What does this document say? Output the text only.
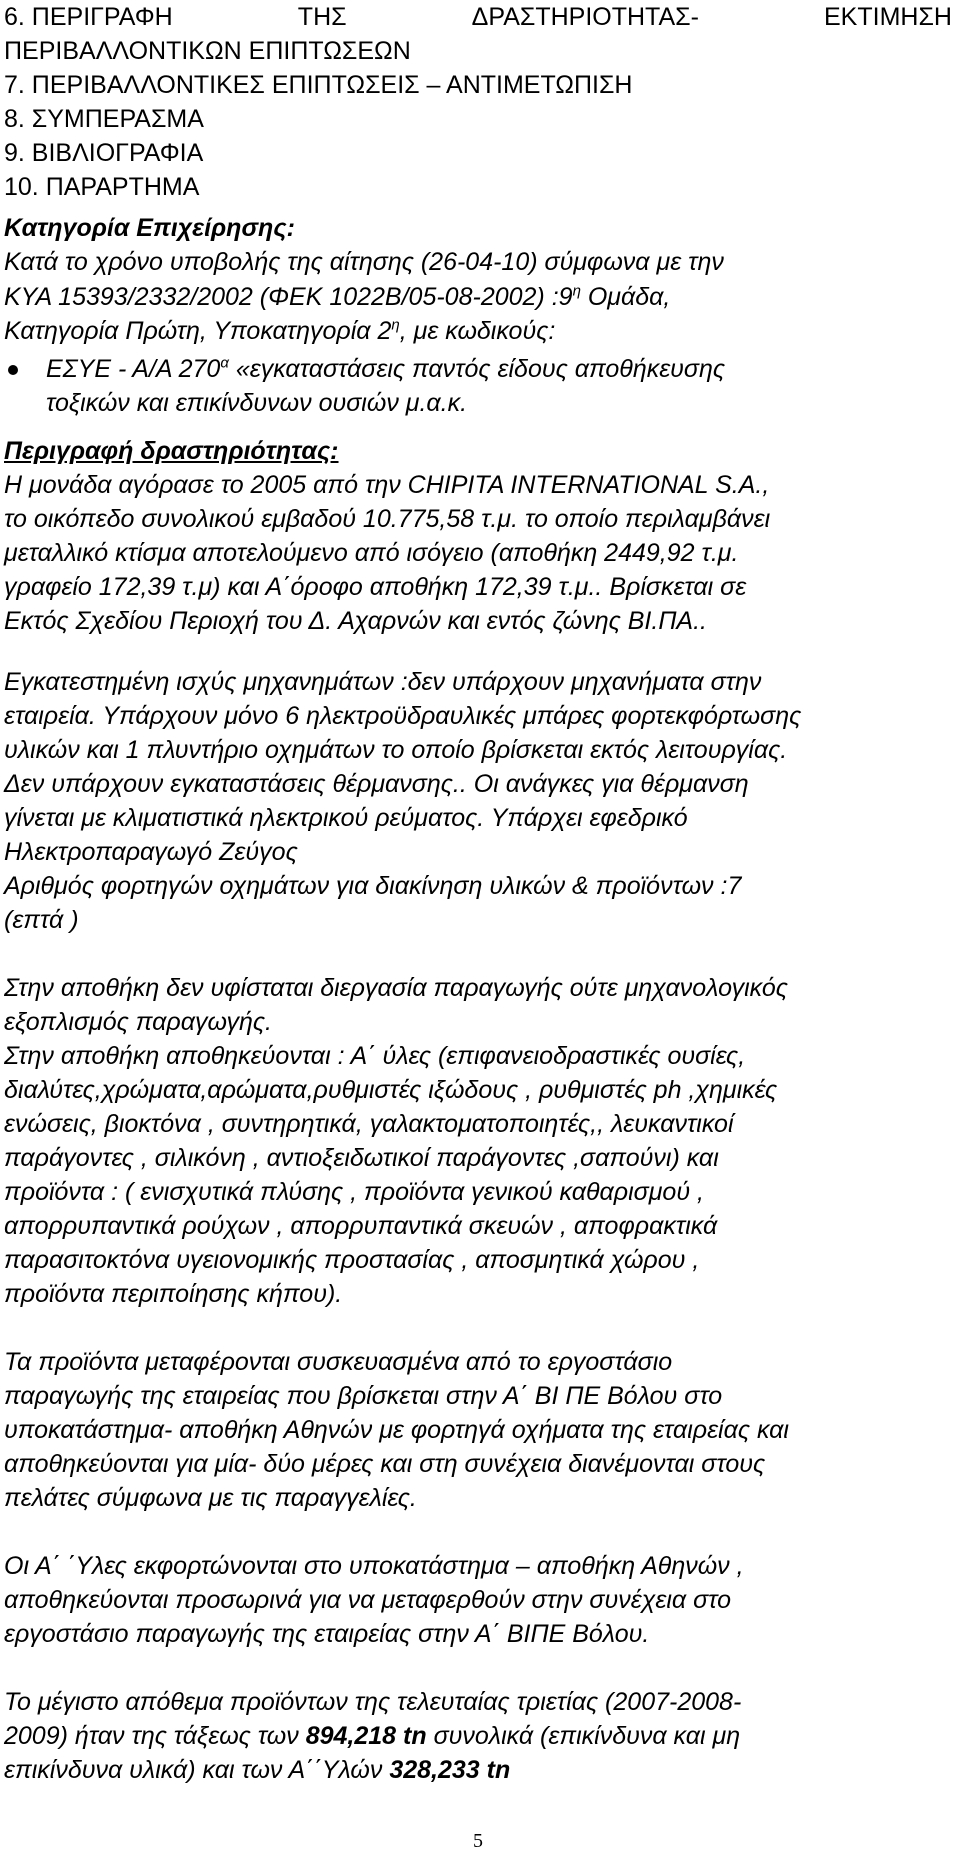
6. ΠΕΡΙΓΡΑΦΗ	ΤΗΣ	ΔΡΑΣΤΗΡΙΟΤΗΤΑΣ-	ΕΚΤΙΜΗΣΗ
ΠΕΡΙΒΑΛΛΟΝΤΙΚΩΝ ΕΠΙΠΤΩΣΕΩΝ
7. ΠΕΡΙΒΑΛΛΟΝΤΙΚΕΣ ΕΠΙΠΤΩΣΕΙΣ – ΑΝΤΙΜΕΤΩΠΙΣΗ
8. ΣΥΜΠΕΡΑΣΜΑ
9. ΒΙΒΛΙΟΓΡΑΦΙΑ
10. ΠΑΡΑΡΤΗΜΑ
Κατηγορία Επιχείρησης:
Κατά το χρόνο υποβολής της αίτησης (26-04-10) σύμφωνα με την
ΚΥΑ 15393/2332/2002 (ΦΕΚ 1022Β/05-08-2002) $:9^\eta$ Ομάδα,
Κατηγορία Πρώτη, Υποκατηγορία $2^\eta$, με κωδικούς:
ΕΣΥΕ - Α/Α $270^\alpha$ «εγκαταστάσεις παντός είδους αποθήκευσης
τοξικών και επικίνδυνων ουσιών μ.α.κ.
Περιγραφή δραστηριότητας:
Η μονάδα αγόρασε το 2005 από την CHIPITA INTERNATIONAL S.A.,
το οικόπεδο συνολικού εμβαδού 10.775,58 τ.μ. το οποίο περιλαμβάνει
μεταλλικό κτίσμα αποτελούμενο από ισόγειο (αποθήκη 2449,92 τ.μ.
γραφείο 172,39 τ.μ) και Α΄όροφο αποθήκη 172,39 τ.μ.. Βρίσκεται σε
Εκτός Σχεδίου Περιοχή του Δ. Αχαρνών και εντός ζώνης ΒΙ.ΠΑ..
Εγκατεστημένη ισχύς μηχανημάτων :δεν υπάρχουν μηχανήματα στην
εταιρεία. Υπάρχουν μόνο 6 ηλεκτροϋδραυλικές μπάρες φορτεκφόρτωσης
υλικών και 1 πλυντήριο οχημάτων το οποίο βρίσκεται εκτός λειτουργίας.
Δεν υπάρχουν εγκαταστάσεις θέρμανσης.. Οι ανάγκες για θέρμανση
γίνεται με κλιματιστικά ηλεκτρικού ρεύματος. Υπάρχει εφεδρικό
Ηλεκτροπαραγωγό Ζεύγος
Αριθμός φορτηγών οχημάτων για διακίνηση υλικών & προϊόντων :7
(επτά )
Στην αποθήκη δεν υφίσταται διεργασία παραγωγής ούτε μηχανολογικός
εξοπλισμός παραγωγής.
Στην αποθήκη αποθηκεύονται : Α΄ ύλες (επιφανειοδραστικές ουσίες,
διαλύτες,χρώματα,αρώματα,ρυθμιστές ιξώδους , ρυθμιστές ph ,χημικές
ενώσεις, βιοκτόνα , συντηρητικά, γαλακτοματοποιητές,, λευκαντικοί
παράγοντες , σιλικόνη , αντιοξειδωτικοί παράγοντες ,σαπούνι) και
προϊόντα : ( ενισχυτικά πλύσης , προϊόντα γενικού καθαρισμού ,
απορρυπαντικά ρούχων , απορρυπαντικά σκευών , αποφρακτικά
παρασιτοκτόνα υγειονομικής προστασίας , αποσμητικά χώρου ,
προϊόντα περιποίησης κήπου).
Τα προϊόντα μεταφέρονται συσκευασμένα από το εργοστάσιο
παραγωγής της εταιρείας που βρίσκεται στην Α΄ ΒΙ ΠΕ Βόλου στο
υποκατάστημα- αποθήκη Αθηνών με φορτηγά οχήματα της εταιρείας και
αποθηκεύονται για μία- δύο μέρες και στη συνέχεια διανέμονται στους
πελάτες σύμφωνα με τις παραγγελίες.
Οι Α΄ ΄Υλες εκφορτώνονται στο υποκατάστημα – αποθήκη Αθηνών ,
αποθηκεύονται προσωρινά για να μεταφερθούν στην συνέχεια στο
εργοστάσιο παραγωγής της εταιρείας στην Α΄ ΒΙΠΕ Βόλου.
Το μέγιστο απόθεμα προϊόντων της τελευταίας τριετίας (2007-2008-
2009) ήταν της τάξεως των 894,218 tn συνολικά (επικίνδυνα και μη
επικίνδυνα υλικά) και των Α΄΄Υλών 328,233 tn
5
